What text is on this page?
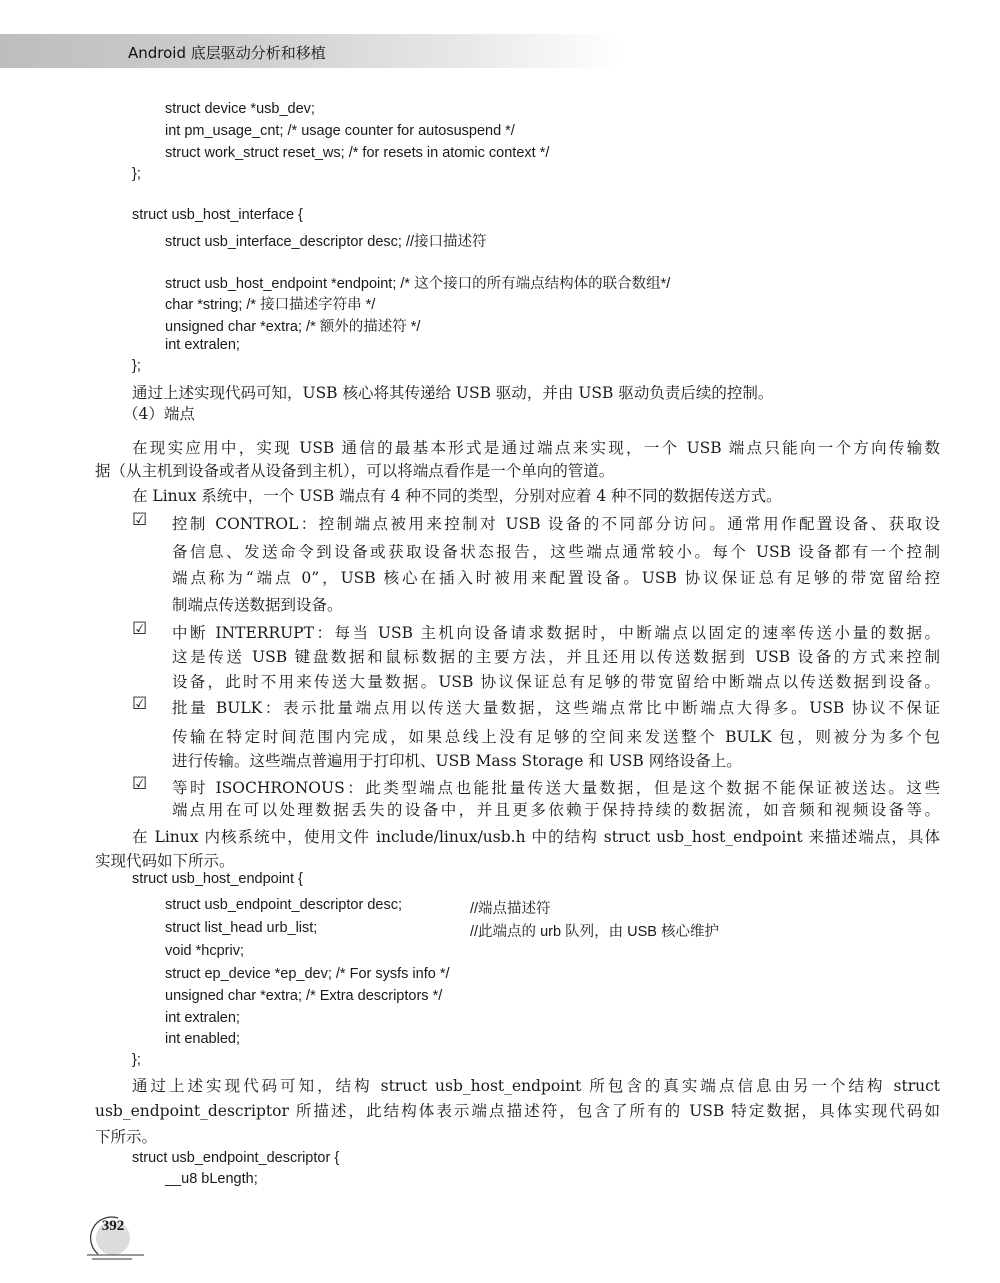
Android 底层驱动分析和移植
struct device *usb_dev;
int pm_usage_cnt; /* usage counter for autosuspend */
struct work_struct reset_ws; /* for resets in atomic context */
};
struct usb_host_interface {
struct usb_interface_descriptor desc; //接口描述符
struct usb_host_endpoint *endpoint; /* 这个接口的所有端点结构体的联合数组*/
char *string; /* 接口描述字符串 */
unsigned char *extra; /* 额外的描述符 */
int extralen;
};
通过上述实现代码可知，USB 核心将其传递给 USB 驱动，并由 USB 驱动负责后续的控制。
（4）端点
在现实应用中，实现 USB 通信的最基本形式是通过端点来实现，一个 USB 端点只能向一个方向传输数
据（从主机到设备或者从设备到主机），可以将端点看作是一个单向的管道。
在 Linux 系统中，一个 USB 端点有 4 种不同的类型，分别对应着 4 种不同的数据传送方式。
☑ 控制 CONTROL：控制端点被用来控制对 USB 设备的不同部分访问。通常用作配置设备、获取设
备信息、发送命令到设备或获取设备状态报告，这些端点通常较小。每个 USB 设备都有一个控制
端点称为“端点 0”，USB 核心在插入时被用来配置设备。USB 协议保证总有足够的带宽留给控
制端点传送数据到设备。
☑ 中断 INTERRUPT：每当 USB 主机向设备请求数据时，中断端点以固定的速率传送小量的数据。
这是传送 USB 键盘数据和鼠标数据的主要方法，并且还用以传送数据到 USB 设备的方式来控制
设备，此时不用来传送大量数据。USB 协议保证总有足够的带宽留给中断端点以传送数据到设备。
☑ 批量 BULK：表示批量端点用以传送大量数据，这些端点常比中断端点大得多。USB 协议不保证
传输在特定时间范围内完成，如果总线上没有足够的空间来发送整个 BULK 包，则被分为多个包
进行传输。这些端点普遍用于打印机、USB Mass Storage 和 USB 网络设备上。
☑ 等时 ISOCHRONOUS：此类型端点也能批量传送大量数据，但是这个数据不能保证被送达。这些
端点用在可以处理数据丢失的设备中，并且更多依赖于保持持续的数据流，如音频和视频设备等。
在 Linux 内核系统中，使用文件 include/linux/usb.h 中的结构 struct usb_host_endpoint 来描述端点，具体
实现代码如下所示。
struct usb_host_endpoint {
struct usb_endpoint_descriptor desc;	//端点描述符
struct list_head urb_list;	//此端点的 urb 队列，由 USB 核心维护
void *hcpriv;
struct ep_device *ep_dev; /* For sysfs info */
unsigned char *extra; /* Extra descriptors */
int extralen;
int enabled;
};
通过上述实现代码可知，结构 struct usb_host_endpoint 所包含的真实端点信息由另一个结构 struct
usb_endpoint_descriptor 所描述，此结构体表示端点描述符，包含了所有的 USB 特定数据，具体实现代码如
下所示。
struct usb_endpoint_descriptor {
__u8 bLength;
392
